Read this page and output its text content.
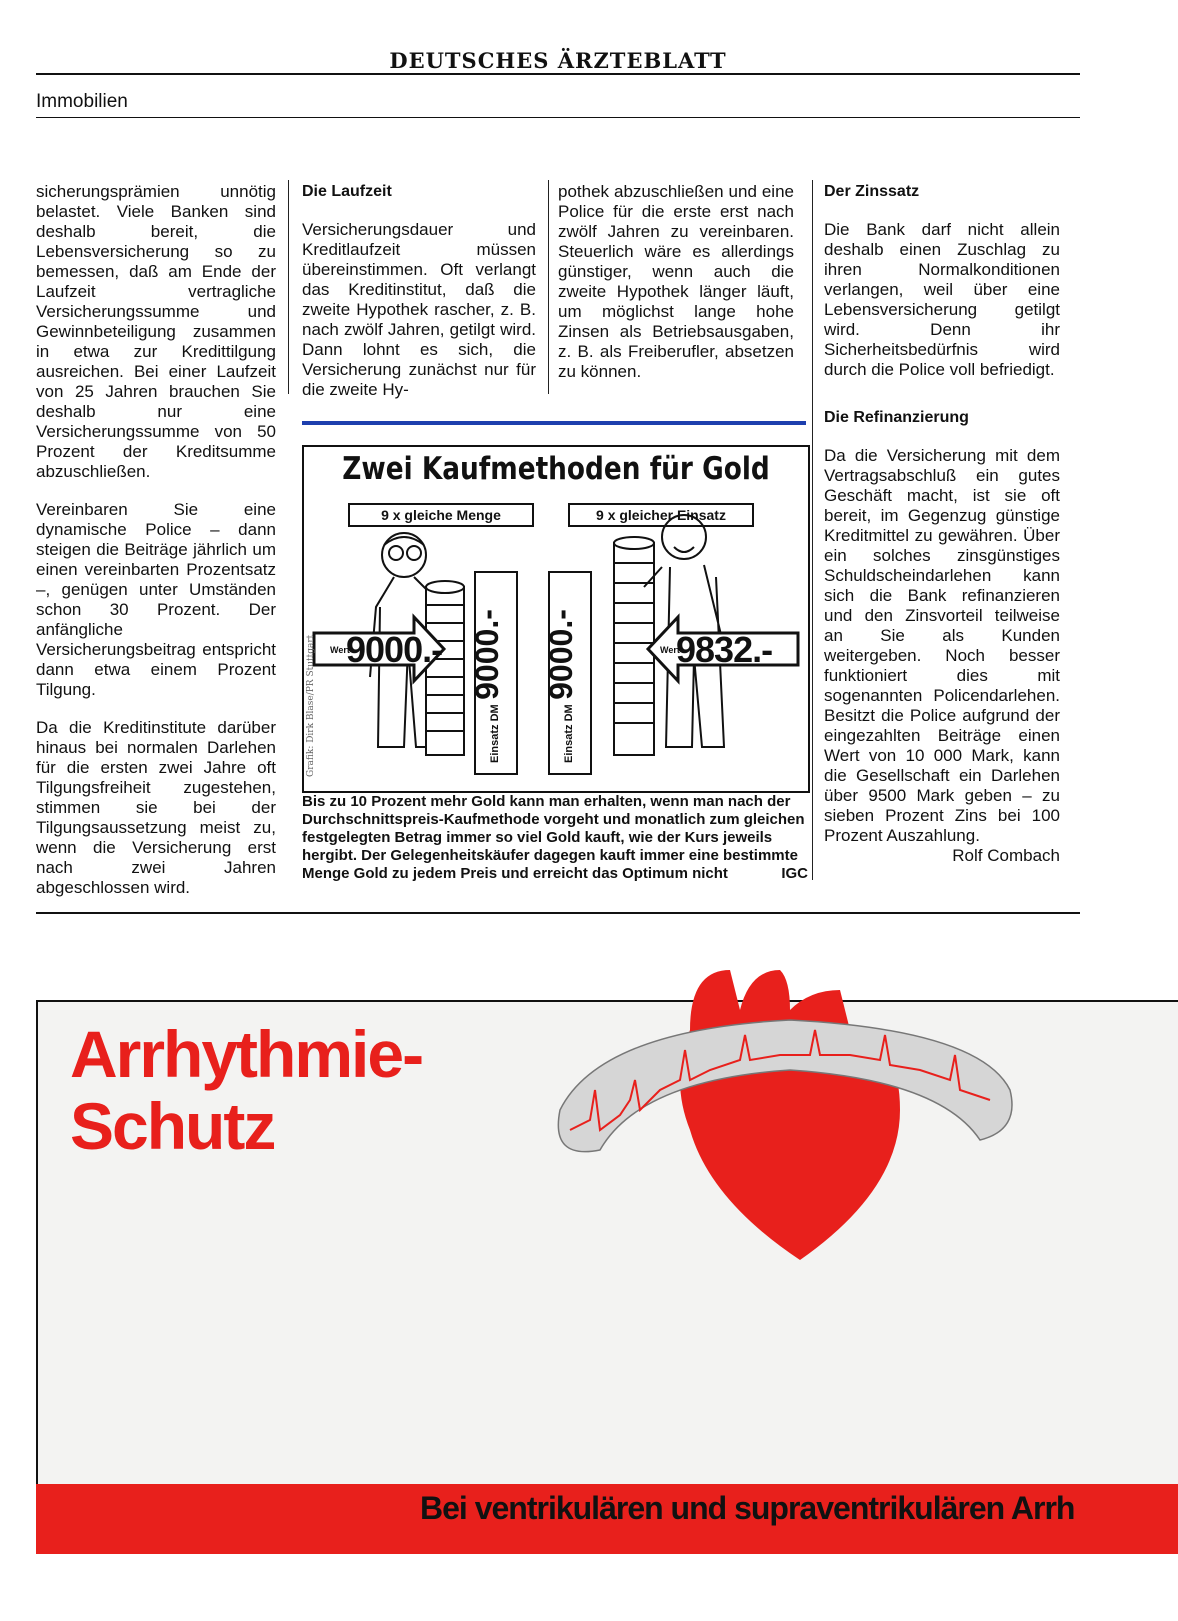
DEUTSCHES ÄRZTEBLATT
Immobilien

sicherungsprämien unnötig belastet. Viele Banken sind deshalb bereit, die Lebensversicherung so zu bemessen, daß am Ende der Laufzeit vertragliche Versicherungssumme und Gewinnbeteiligung zusammen in etwa zur Kredittilgung ausreichen. Bei einer Laufzeit von 25 Jahren brauchen Sie deshalb nur eine Versicherungssumme von 50 Prozent der Kreditsumme abzuschließen.

Vereinbaren Sie eine dynamische Police – dann steigen die Beiträge jährlich um einen vereinbarten Prozentsatz –, genügen unter Umständen schon 30 Prozent. Der anfängliche Versicherungsbeitrag entspricht dann etwa einem Prozent Tilgung.

Da die Kreditinstitute darüber hinaus bei normalen Darlehen für die ersten zwei Jahre oft Tilgungsfreiheit zugestehen, stimmen sie bei der Tilgungsaussetzung meist zu, wenn die Versicherung erst nach zwei Jahren abgeschlossen wird.

Die Laufzeit

Versicherungsdauer und Kreditlaufzeit müssen übereinstimmen. Oft verlangt das Kreditinstitut, daß die zweite Hypothek rascher, z. B. nach zwölf Jahren, getilgt wird. Dann lohnt es sich, die Versicherung zunächst nur für die zweite Hy-

pothek abzuschließen und eine Police für die erste erst nach zwölf Jahren zu vereinbaren. Steuerlich wäre es allerdings günstiger, wenn auch die zweite Hypothek länger läuft, um möglichst lange hohe Zinsen als Betriebsausgaben, z. B. als Freiberufler, absetzen zu können.

Der Zinssatz

Die Bank darf nicht allein deshalb einen Zuschlag zu ihren Normalkonditionen verlangen, weil über eine Lebensversicherung getilgt wird. Denn ihr Sicherheitsbedürfnis wird durch die Police voll befriedigt.

Die Refinanzierung

Da die Versicherung mit dem Vertragsabschluß ein gutes Geschäft macht, ist sie oft bereit, im Gegenzug günstige Kreditmittel zu gewähren. Über ein solches zinsgünstiges Schuldscheindarlehen kann sich die Bank refinanzieren und den Zinsvorteil teilweise an Sie als Kunden weitergeben. Noch besser funktioniert dies mit sogenannten Policendarlehen. Besitzt die Police aufgrund der eingezahlten Beiträge einen Wert von 10 000 Mark, kann die Gesellschaft ein Darlehen über 9500 Mark geben – zu sieben Prozent Zins bei 100 Prozent Auszahlung.
Rolf Combach

Zwei Kaufmethoden für Gold
9 x gleiche Menge	9 x gleicher Einsatz
Wert
9000.-	Wert
9832.-
Einsatz DM 9000.-
Einsatz DM 9000.-
Grafik: Dirk Blase/PR Stuttgart
Bis zu 10 Prozent mehr Gold kann man erhalten, wenn man nach der Durchschnittspreis-Kaufmethode vorgeht und monatlich zum gleichen festgelegten Betrag immer so viel Gold kauft, wie der Kurs jeweils hergibt. Der Gelegenheitskäufer dagegen kauft immer eine bestimmte Menge Gold zu jedem Preis und erreicht das Optimum nicht	IGC
Arrhythmie-
Schutz
Bei ventrikulären und supraventrikulären Arrh
